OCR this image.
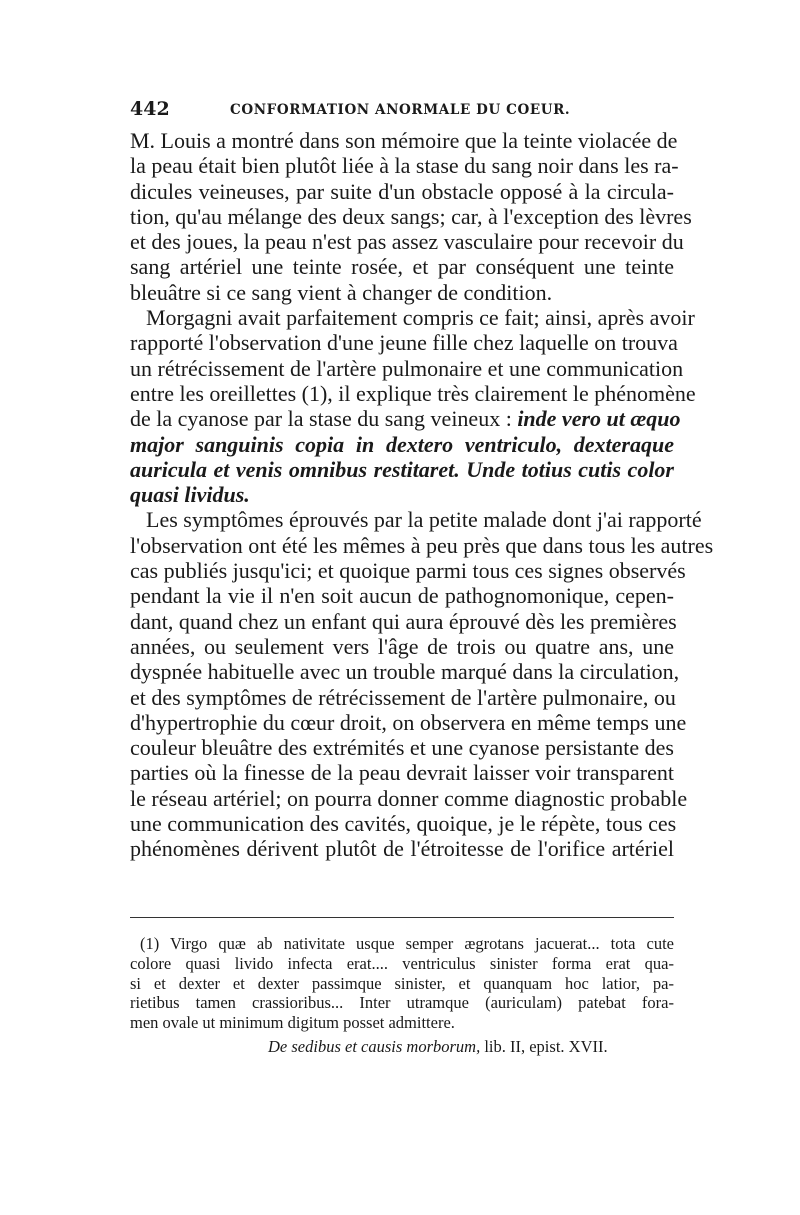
442	CONFORMATION ANORMALE DU COEUR.
M. Louis a montré dans son mémoire que la teinte violacée de
la peau était bien plutôt liée à la stase du sang noir dans les ra-
dicules veineuses, par suite d'un obstacle opposé à la circula-
tion, qu'au mélange des deux sangs; car, à l'exception des lèvres
et des joues, la peau n'est pas assez vasculaire pour recevoir du
sang artériel une teinte rosée, et par conséquent une teinte
bleuâtre si ce sang vient à changer de condition.
Morgagni avait parfaitement compris ce fait; ainsi, après avoir
rapporté l'observation d'une jeune fille chez laquelle on trouva
un rétrécissement de l'artère pulmonaire et une communication
entre les oreillettes (1), il explique très clairement le phénomène
de la cyanose par la stase du sang veineux : inde vero ut æquo
major sanguinis copia in dextero ventriculo, dexteraque
auricula et venis omnibus restitaret. Unde totius cutis color
quasi lividus.
Les symptômes éprouvés par la petite malade dont j'ai rapporté
l'observation ont été les mêmes à peu près que dans tous les autres
cas publiés jusqu'ici; et quoique parmi tous ces signes observés
pendant la vie il n'en soit aucun de pathognomonique, cepen-
dant, quand chez un enfant qui aura éprouvé dès les premières
années, ou seulement vers l'âge de trois ou quatre ans, une
dyspnée habituelle avec un trouble marqué dans la circulation,
et des symptômes de rétrécissement de l'artère pulmonaire, ou
d'hypertrophie du cœur droit, on observera en même temps une
couleur bleuâtre des extrémités et une cyanose persistante des
parties où la finesse de la peau devrait laisser voir transparent
le réseau artériel; on pourra donner comme diagnostic probable
une communication des cavités, quoique, je le répète, tous ces
phénomènes dérivent plutôt de l'étroitesse de l'orifice artériel
(1) Virgo quæ ab nativitate usque semper ægrotans jacuerat... tota cute
colore quasi livido infecta erat.... ventriculus sinister forma erat qua-
si et dexter et dexter passimque sinister, et quanquam hoc latior, pa-
rietibus tamen crassioribus... Inter utramque (auriculam) patebat fora-
men ovale ut minimum digitum posset admittere.
De sedibus et causis morborum, lib. II, epist. XVII.
